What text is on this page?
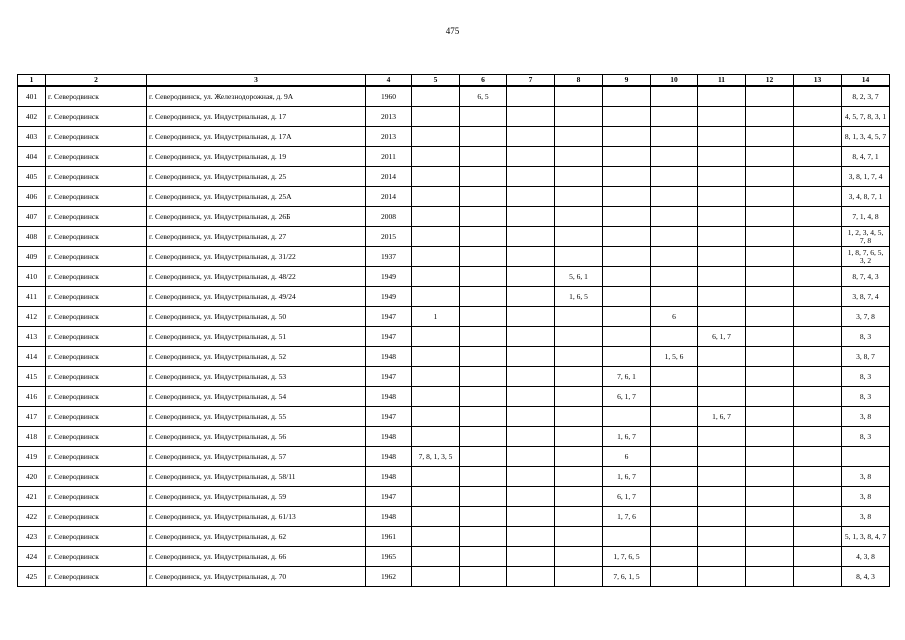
475
1	2	3	4	5	6	7	8	9	10	11	12	13	14
401	г. Северодвинск	г. Северодвинск, ул. Железнодорожная, д. 9А	1960		6, 5								8, 2, 3, 7
402	г. Северодвинск	г. Северодвинск, ул. Индустриальная, д. 17	2013										4, 5, 7, 8, 3, 1
403	г. Северодвинск	г. Северодвинск, ул. Индустриальная, д. 17А	2013										8, 1, 3, 4, 5, 7
404	г. Северодвинск	г. Северодвинск, ул. Индустриальная, д. 19	2011										8, 4, 7, 1
405	г. Северодвинск	г. Северодвинск, ул. Индустриальная, д. 25	2014										3, 8, 1, 7, 4
406	г. Северодвинск	г. Северодвинск, ул. Индустриальная, д. 25А	2014										3, 4, 8, 7, 1
407	г. Северодвинск	г. Северодвинск, ул. Индустриальная, д. 26Б	2008										7, 1, 4, 8
408	г. Северодвинск	г. Северодвинск, ул. Индустриальная, д. 27	2015										1, 2, 3, 4, 5, 7, 8
409	г. Северодвинск	г. Северодвинск, ул. Индустриальная, д. 31/22	1937										1, 8, 7, 6, 5, 3, 2
410	г. Северодвинск	г. Северодвинск, ул. Индустриальная, д. 48/22	1949				5, 6, 1						8, 7, 4, 3
411	г. Северодвинск	г. Северодвинск, ул. Индустриальная, д. 49/24	1949				1, 6, 5						3, 8, 7, 4
412	г. Северодвинск	г. Северодвинск, ул. Индустриальная, д. 50	1947	1					6				3, 7, 8
413	г. Северодвинск	г. Северодвинск, ул. Индустриальная, д. 51	1947							6, 1, 7			8, 3
414	г. Северодвинск	г. Северодвинск, ул. Индустриальная, д. 52	1948						1, 5, 6				3, 8, 7
415	г. Северодвинск	г. Северодвинск, ул. Индустриальная, д. 53	1947					7, 6, 1					8, 3
416	г. Северодвинск	г. Северодвинск, ул. Индустриальная, д. 54	1948					6, 1, 7					8, 3
417	г. Северодвинск	г. Северодвинск, ул. Индустриальная, д. 55	1947							1, 6, 7			3, 8
418	г. Северодвинск	г. Северодвинск, ул. Индустриальная, д. 56	1948					1, 6, 7					8, 3
419	г. Северодвинск	г. Северодвинск, ул. Индустриальная, д. 57	1948	7, 8, 1, 3, 5				6					
420	г. Северодвинск	г. Северодвинск, ул. Индустриальная, д. 58/11	1948					1, 6, 7					3, 8
421	г. Северодвинск	г. Северодвинск, ул. Индустриальная, д. 59	1947					6, 1, 7					3, 8
422	г. Северодвинск	г. Северодвинск, ул. Индустриальная, д. 61/13	1948					1, 7, 6					3, 8
423	г. Северодвинск	г. Северодвинск, ул. Индустриальная, д. 62	1961										5, 1, 3, 8, 4, 7
424	г. Северодвинск	г. Северодвинск, ул. Индустриальная, д. 66	1965					1, 7, 6, 5					4, 3, 8
425	г. Северодвинск	г. Северодвинск, ул. Индустриальная, д. 70	1962					7, 6, 1, 5					8, 4, 3
